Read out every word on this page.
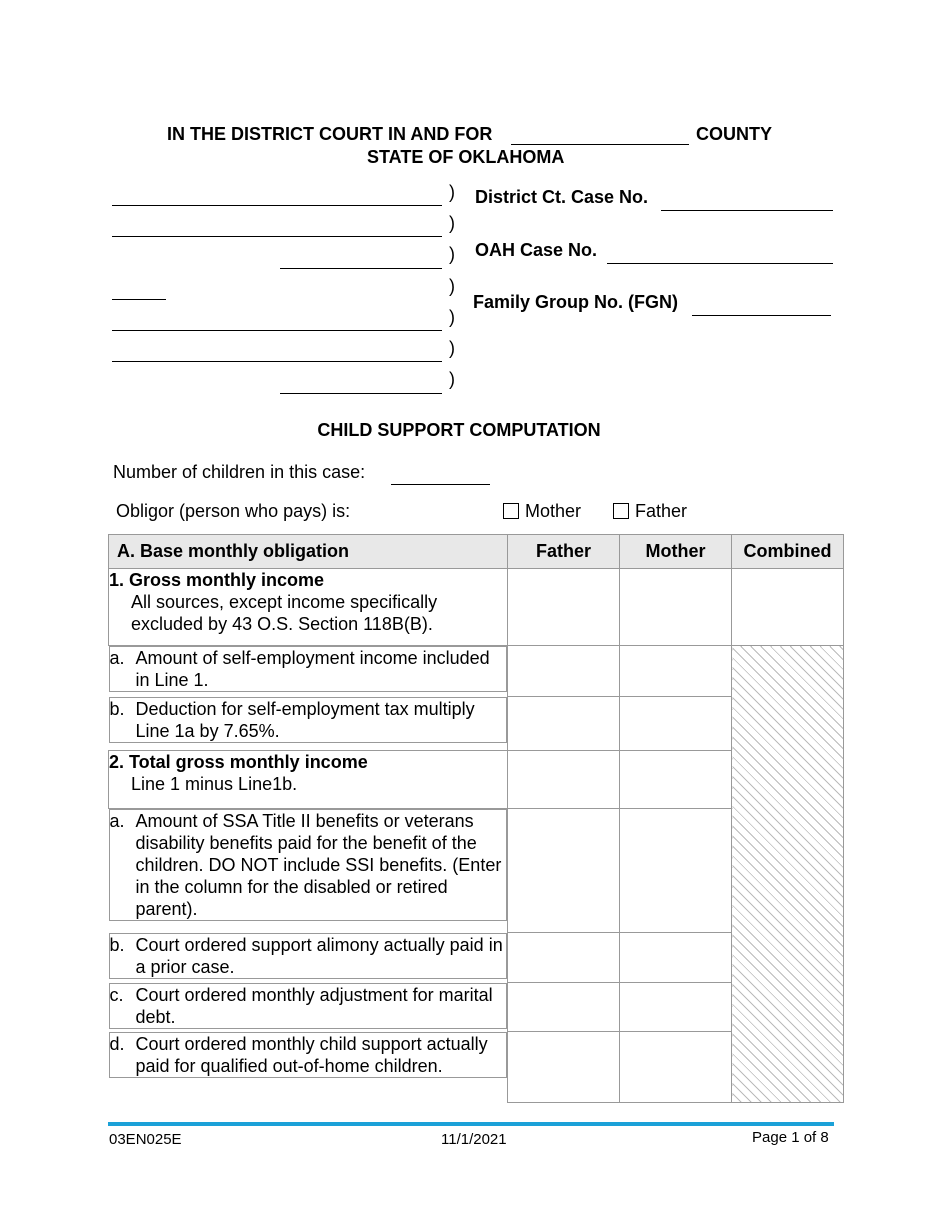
IN THE DISTRICT COURT IN AND FOR	COUNTY
STATE OF OKLAHOMA
)
)
)
)
)
)
)
District Ct. Case No.
OAH Case No.
Family Group No. (FGN)
CHILD SUPPORT COMPUTATION
Number of children in this case:
Obligor (person who pays) is:	Mother	Father
A. Base monthly obligation	Father	Mother	Combined

1. Gross monthly income
All sources, except income specifically excluded by 43 O.S. Section 118B(B).			

a. Amount of self-employment income included in Line 1.

b. Deduction for self-employment tax multiply Line 1a by 7.65%.

2. Total gross monthly income
Line 1 minus Line1b.			

a. Amount of SSA Title II benefits or veterans disability benefits paid for the benefit of the children. DO NOT include SSI benefits. (Enter in the column for the disabled or retired parent).

b. Court ordered support alimony actually paid in a prior case.

c. Court ordered monthly adjustment for marital debt.

d. Court ordered monthly child support actually paid for qualified out-of-home children.

03EN025E	11/1/2021	Page 1 of 8
